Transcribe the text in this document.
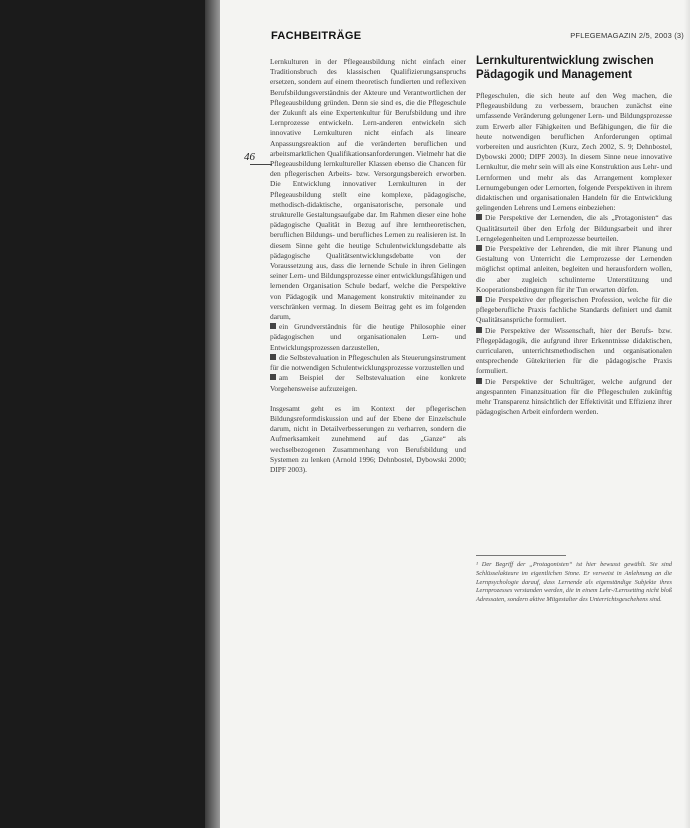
FACHBEITRÄGE	PFLEGEMAGAZIN 2/5, 2003 (3)
46

Lernkulturen in der Pflegeausbildung nicht einfach einer Traditionsbruch des klassischen Qualifizierungsanspruchs ersetzen, sondern auf einem theoretisch fundierten und reflexiven Berufsbildungsverständnis der Akteure und Verantwortlichen der Pflegeausbildung gründen. Denn sie sind es, die die Pflegeschule der Zukunft als eine Expertenkultur für Berufsbildung und ihre Lernprozesse entwickeln. Lern-anderen entwickeln sich innovative Lernkulturen nicht einfach als lineare Anpassungsreaktion auf die veränderten beruflichen und arbeitsmarktlichen Qualifikationsanforderungen. Vielmehr hat die Pflegeausbildung lernkultureller Klassen ebenso die Chancen für den pflegerischen Arbeits- bzw. Versorgungsbereich erworben. Die Entwicklung innovativer Lernkulturen in der Pflegeausbildung stellt eine komplexe, pädagogische, methodisch-didaktische, organisatorische, personale und strukturelle Gestaltungsaufgabe dar. Im Rahmen dieser eine hohe pädagogische Qualität in Bezug auf ihre lerntheoretischen, beruflichen Bildungs- und berufliches Lernen zu realisieren ist. In diesem Sinne geht die heutige Schulentwicklungsdebatte als pädagogische Qualitätsentwicklungsdebatte von der Voraussetzung aus, dass die lernende Schule in ihren Gelingen seiner Lern- und Bildungsprozesse einer entwicklungsfähigen und lernenden Organisation Schule bedarf, welche die Perspektive von Pädagogik und Management konstruktiv miteinander zu verschränken vermag. In diesem Beitrag geht es im folgenden darum,

ein Grundverständnis für die heutige Philosophie einer pädagogischen und organisationalen Lern- und Entwicklungsprozessen darzustellen,

die Selbstevaluation in Pflegeschulen als Steuerungsinstrument für die notwendigen Schulentwicklungsprozesse vorzustellen und

am Beispiel der Selbstevaluation eine konkrete Vorgehensweise aufzuzeigen.

Insgesamt geht es im Kontext der pflegerischen Bildungsreformdiskussion und auf der Ebene der Einzelschule darum, nicht in Detailverbesserungen zu verharren, sondern die Aufmerksamkeit zunehmend auf das „Ganze“ als wechselbezogenen Zusammenhang von Berufsbildung und Systemen zu lenken (Arnold 1996; Dehnbostel, Dybowski 2000; DIPF 2003).

Lernkulturentwicklung zwischen Pädagogik und Management

Pflegeschulen, die sich heute auf den Weg machen, die Pflegeausbildung zu verbessern, brauchen zunächst eine umfassende Veränderung gelungener Lern- und Bildungsprozesse zum Erwerb aller Fähigkeiten und Befähigungen, die für die heute notwendigen beruflichen Anforderungen optimal vorbereiten und ausrichten (Kurz, Zech 2002, S. 9; Dehnbostel, Dybowski 2000; DIPF 2003). In diesem Sinne neue innovative Lernkultur, die mehr sein will als eine Konstruktion aus Lehr- und Lernformen und mehr als das Arrangement komplexer Lernumgebungen oder Lernorten, folgende Perspektiven in ihrem didaktischen und organisationalen Handeln für die Entwicklung gelingenden Lehrens und Lernens einbeziehen:

Die Perspektive der Lernenden, die als „Protagonisten“ das Qualitätsurteil über den Erfolg der Bildungsarbeit und ihrer Lerngelegenheiten und Lernprozesse beurteilen.

Die Perspektive der Lehrenden, die mit ihrer Planung und Gestaltung von Unterricht die Lernprozesse der Lernenden möglichst optimal anleiten, begleiten und herausfordern wollen, die aber zugleich schulinterne Unterstützung und Kooperationsbedingungen für ihr Tun erwarten dürfen.

Die Perspektive der pflegerischen Profession, welche für die pflegeberufliche Praxis fachliche Standards definiert und damit Qualitätsansprüche formuliert.

Die Perspektive der Wissenschaft, hier der Berufs- bzw. Pflegepädagogik, die aufgrund ihrer Erkenntnisse didaktischen, curricularen, unterrichtsmethodischen und organisationalen entsprechende Gütekriterien für die pädagogische Praxis formuliert.

Die Perspektive der Schulträger, welche aufgrund der angespannten Finanzsituation für die Pflegeschulen zukünftig mehr Transparenz hinsichtlich der Effektivität und Effizienz ihrer pädagogischen Arbeit einfordern werden.

¹ Der Begriff der „Protagonisten“ ist hier bewusst gewählt. Sie sind Schlüsselakteure im eigentlichen Sinne. Er verweist in Anlehnung an die Lernpsychologie darauf, dass Lernende als eigenständige Subjekte ihres Lernprozesses verstanden werden, die in einem Lehr-/Lernsetting nicht bloß Adressaten, sondern aktive Mitgestalter des Unterrichtsgeschehens sind.
